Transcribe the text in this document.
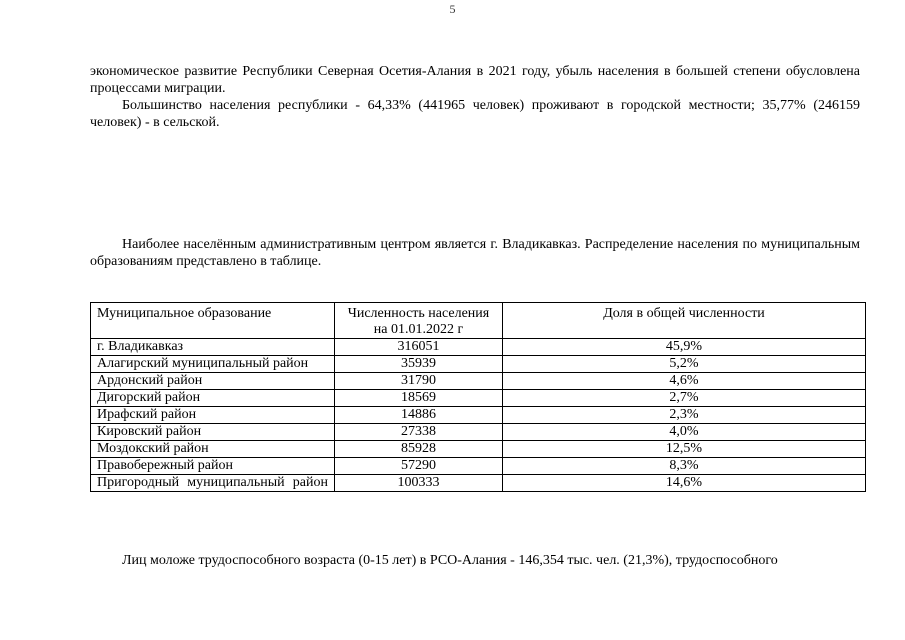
5
экономическое развитие Республики Северная Осетия-Алания в 2021 году, убыль населения в большей степени обусловлена процессами миграции.
Большинство населения республики - 64,33% (441965 человек) проживают в городской местности; 35,77% (246159 человек) - в сельской.
Наиболее населённым административным центром является г. Владикавказ. Распределение населения по муниципальным образованиям представлено в таблице.
Муниципальное образование	Численность населения на 01.01.2022 г	Доля в общей численности
г. Владикавказ	316051	45,9%
Алагирский муниципальный район	35939	5,2%
Ардонский район	31790	4,6%
Дигорский район	18569	2,7%
Ирафский район	14886	2,3%
Кировский район	27338	4,0%
Моздокский район	85928	12,5%
Правобережный район	57290	8,3%
Пригородный муниципальный район	100333	14,6%
Лиц моложе трудоспособного возраста (0-15 лет) в РСО-Алания - 146,354 тыс. чел. (21,3%), трудоспособного
